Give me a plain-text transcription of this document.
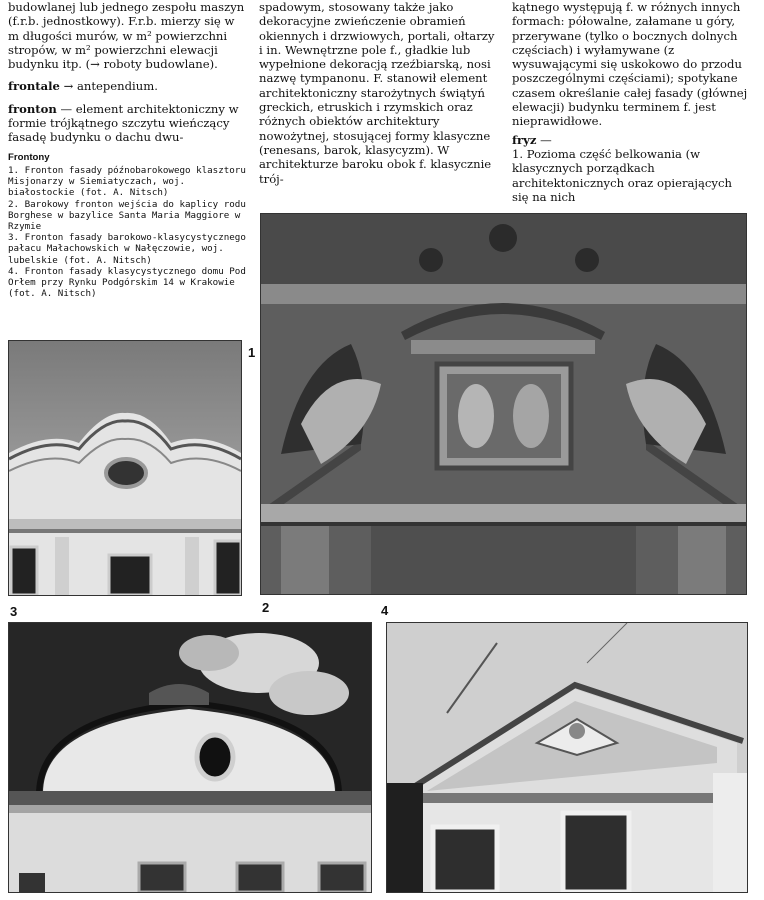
budowlanej lub jednego zespołu maszyn (f.r.b. jednostkowy). F.r.b. mierzy się w m długości murów, w m² powierzchni stropów, w m² powierzchni elewacji budynku itp. (→ roboty budowlane).

frontale → antependium.

fronton — element architektoniczny w formie trójkątnego szczytu wieńczący fasadę budynku o dachu dwu-

Frontony
1. Fronton fasady późnobarokowego klasztoru Misjonarzy w Siemiatyczach, woj. białostockie (fot. A. Nitsch)
2. Barokowy fronton wejścia do kaplicy rodu Borghese w bazylice Santa Maria Maggiore w Rzymie
3. Fronton fasady barokowo-klasycystycznego pałacu Małachowskich w Nałęczowie, woj. lubelskie (fot. A. Nitsch)
4. Fronton fasady klasycystycznego domu Pod Orłem przy Rynku Podgórskim 14 w Krakowie (fot. A. Nitsch)

spadowym, stosowany także jako dekoracyjne zwieńczenie obramień okiennych i drzwiowych, portali, ołtarzy i in. Wewnętrzne pole f., gładkie lub wypełnione dekoracją rzeźbiarską, nosi nazwę tympanonu. F. stanowił element architektoniczny starożytnych świątyń greckich, etruskich i rzymskich oraz różnych obiektów architektury nowożytnej, stosującej formy klasyczne (renesans, barok, klasycyzm). W architekturze baroku obok f. klasycznie trój-

kątnego występują f. w różnych innych formach: półowalne, załamane u góry, przerywane (tylko o bocznych dolnych częściach) i wyłamywane (z wysuwającymi się uskokowo do przodu poszczególnymi częściami); spotykane czasem określanie całej fasady (głównej elewacji) budynku terminem f. jest nieprawidłowe.

fryz —

1. Pozioma część belkowania (w klasycznych porządkach architektonicznych oraz opierających się na nich

1
2
3	4
